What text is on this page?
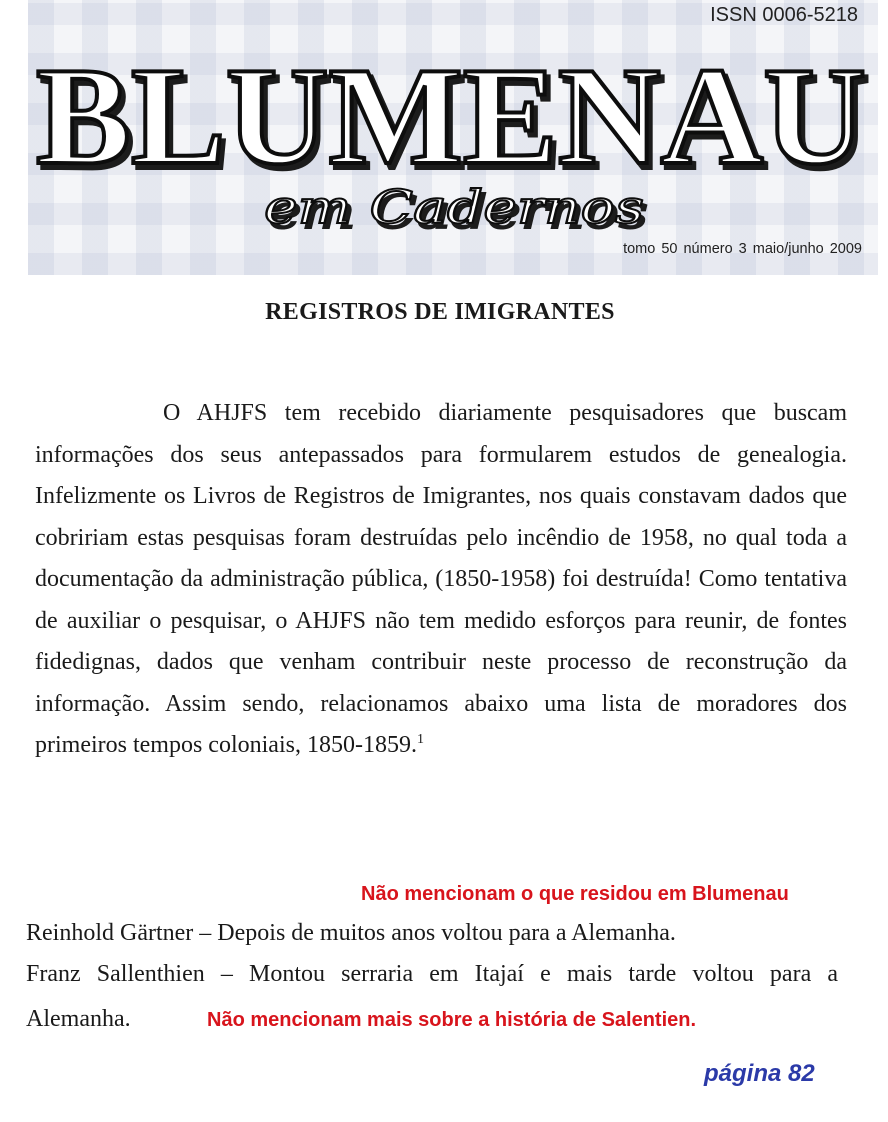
ISSN 0006-5218
BLUMENAU
em Cadernos
tomo 50 número 3 maio/junho 2009
REGISTROS DE IMIGRANTES

O AHJFS tem recebido diariamente pesquisadores que buscam informações dos seus antepassados para formularem estudos de genealogia. Infelizmente os Livros de Registros de Imigrantes, nos quais constavam dados que cobririam estas pesquisas foram destruídas pelo incêndio de 1958, no qual toda a documentação da administração pública, (1850-1958) foi destruída! Como tentativa de auxiliar o pesquisar, o AHJFS não tem medido esforços para reunir, de fontes fidedignas, dados que venham contribuir neste processo de reconstrução da informação. Assim sendo, relacionamos abaixo uma lista de moradores dos primeiros tempos coloniais, 1850-1859.$^1$

Não mencionam o que residou em Blumenau
Reinhold Gärtner – Depois de muitos anos voltou para a Alemanha.
Franz Sallenthien – Montou serraria em Itajaí e mais tarde voltou para a
Alemanha.	Não mencionam mais sobre a história de Salentien.
página 82
